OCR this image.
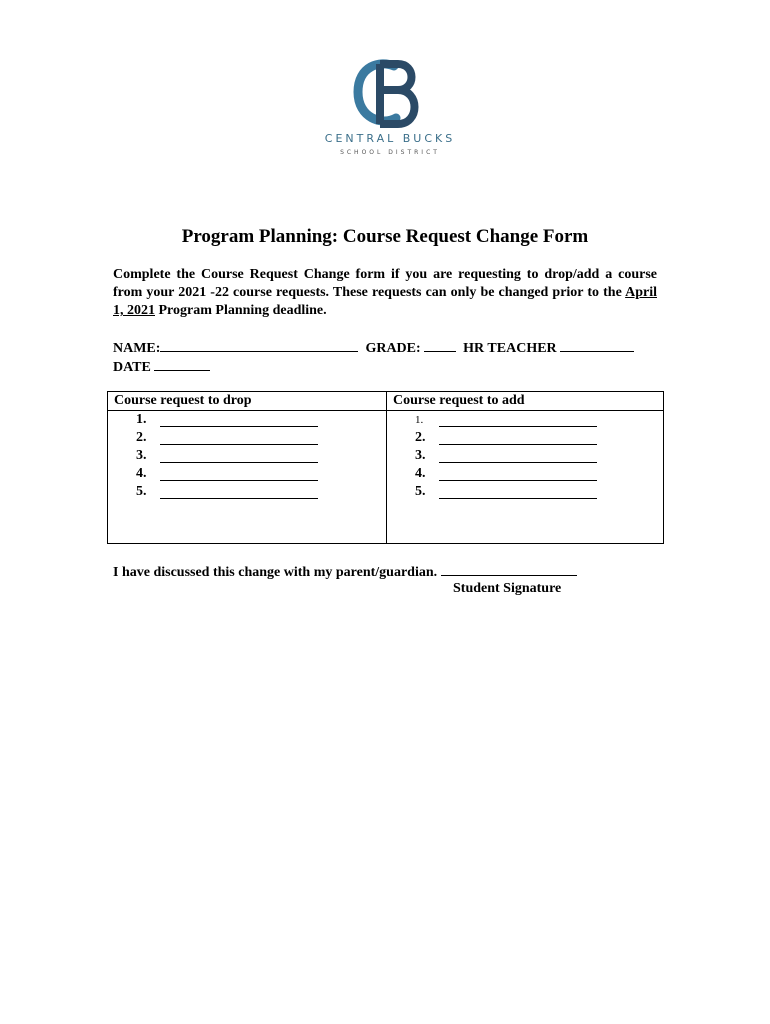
CENTRAL BUCKS
SCHOOL DISTRICT
Program Planning: Course Request Change Form
Complete the Course Request Change form if you are requesting to drop/add a course from your 2021 -22 course requests. These requests can only be changed prior to the April 1, 2021 Program Planning deadline.
NAME:	GRADE:	HR TEACHER
DATE
Course request to drop
1.
2.
3.
4.
5.
Course request to add
1.
2.
3.
4.
5.
I have discussed this change with my parent/guardian.
Student Signature
